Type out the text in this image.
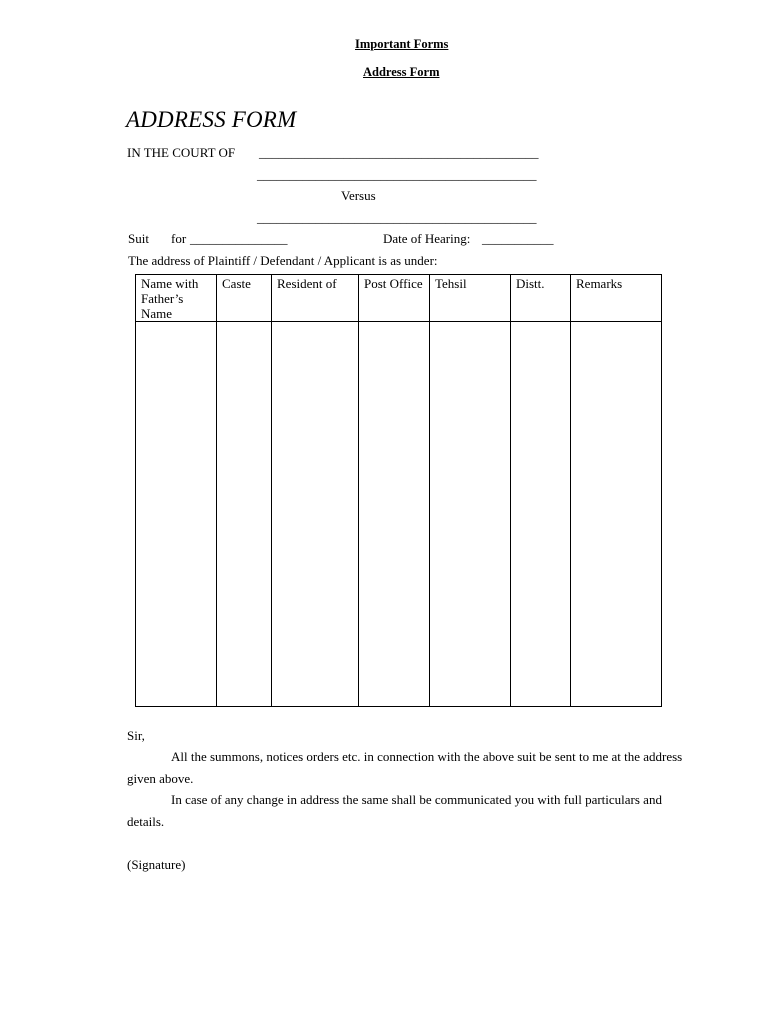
Important Forms
Address Form
ADDRESS FORM
IN THE COURT OF ___________________________________________
___________________________________________
Versus
___________________________________________
Suit for _______________	Date of Hearing: ___________
The address of Plaintiff / Defendant / Applicant is as under:
Name with Father’s Name	Caste	Resident of	Post Office	Tehsil	Distt.	Remarks

Sir,
All the summons, notices orders etc. in connection with the above suit be sent to me at the address given above.
In case of any change in address the same shall be communicated you with full particulars and details.
(Signature)
